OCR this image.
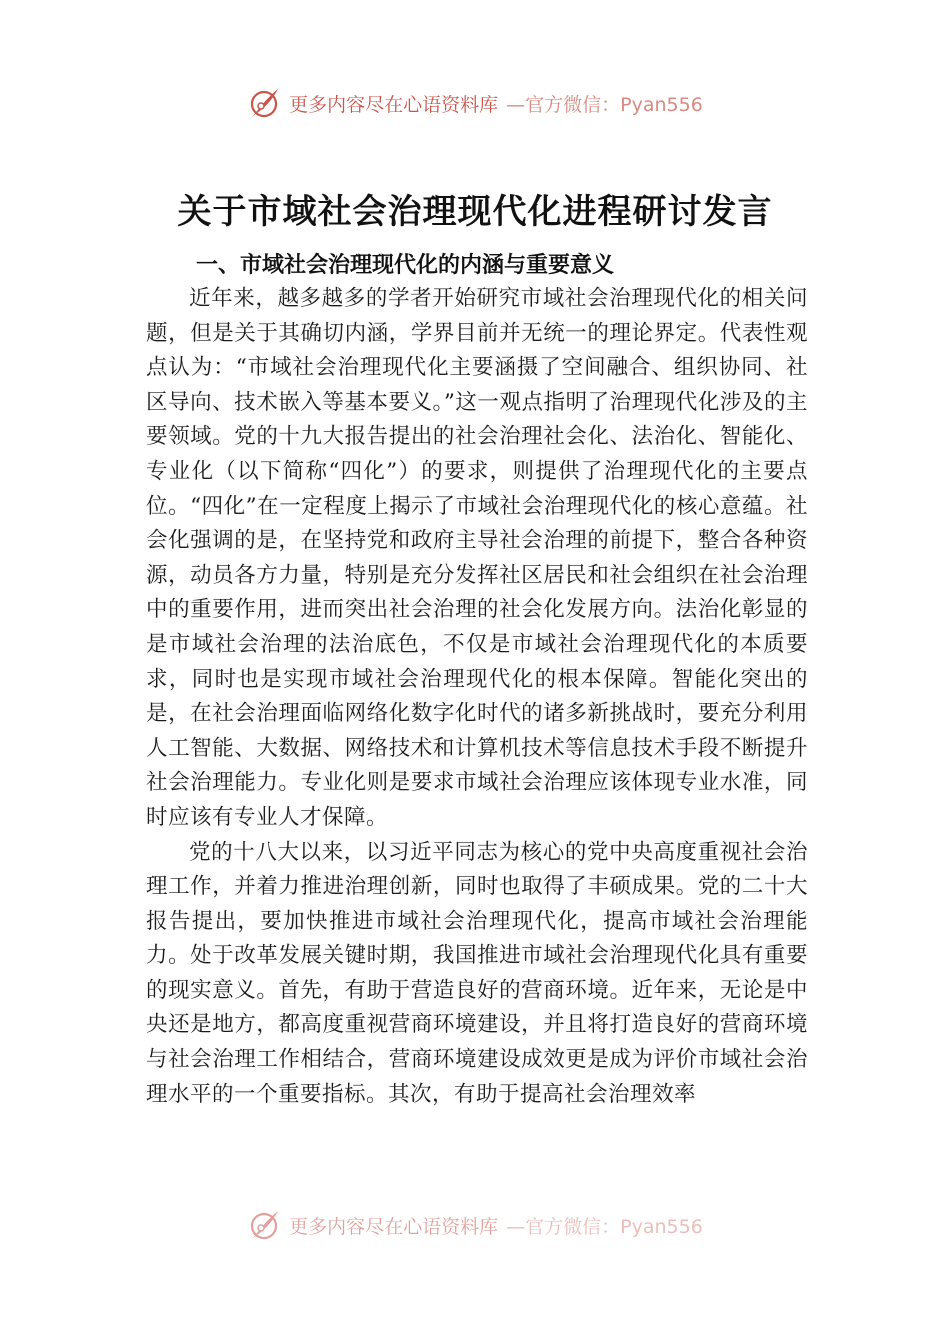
更多内容尽在心语资料库 —官方微信：Pyan556
关于市域社会治理现代化进程研讨发言
一、市域社会治理现代化的内涵与重要意义

近年来，越多越多的学者开始研究市域社会治理现代化的相关问题，但是关于其确切内涵，学界目前并无统一的理论界定。代表性观点认为：“市域社会治理现代化主要涵摄了空间融合、组织协同、社区导向、技术嵌入等基本要义。”这一观点指明了治理现代化涉及的主要领域。党的十九大报告提出的社会治理社会化、法治化、智能化、专业化（以下简称“四化”）的要求，则提供了治理现代化的主要点位。“四化”在一定程度上揭示了市域社会治理现代化的核心意蕴。社会化强调的是，在坚持党和政府主导社会治理的前提下，整合各种资源，动员各方力量，特别是充分发挥社区居民和社会组织在社会治理中的重要作用，进而突出社会治理的社会化发展方向。法治化彰显的是市域社会治理的法治底色，不仅是市域社会治理现代化的本质要求，同时也是实现市域社会治理现代化的根本保障。智能化突出的是，在社会治理面临网络化数字化时代的诸多新挑战时，要充分利用人工智能、大数据、网络技术和计算机技术等信息技术手段不断提升社会治理能力。专业化则是要求市域社会治理应该体现专业水准，同时应该有专业人才保障。

党的十八大以来，以习近平同志为核心的党中央高度重视社会治理工作，并着力推进治理创新，同时也取得了丰硕成果。党的二十大报告提出，要加快推进市域社会治理现代化，提高市域社会治理能力。处于改革发展关键时期，我国推进市域社会治理现代化具有重要的现实意义。首先，有助于营造良好的营商环境。近年来，无论是中央还是地方，都高度重视营商环境建设，并且将打造良好的营商环境与社会治理工作相结合，营商环境建设成效更是成为评价市域社会治理水平的一个重要指标。其次，有助于提高社会治理效率

更多内容尽在心语资料库 —官方微信：Pyan556
